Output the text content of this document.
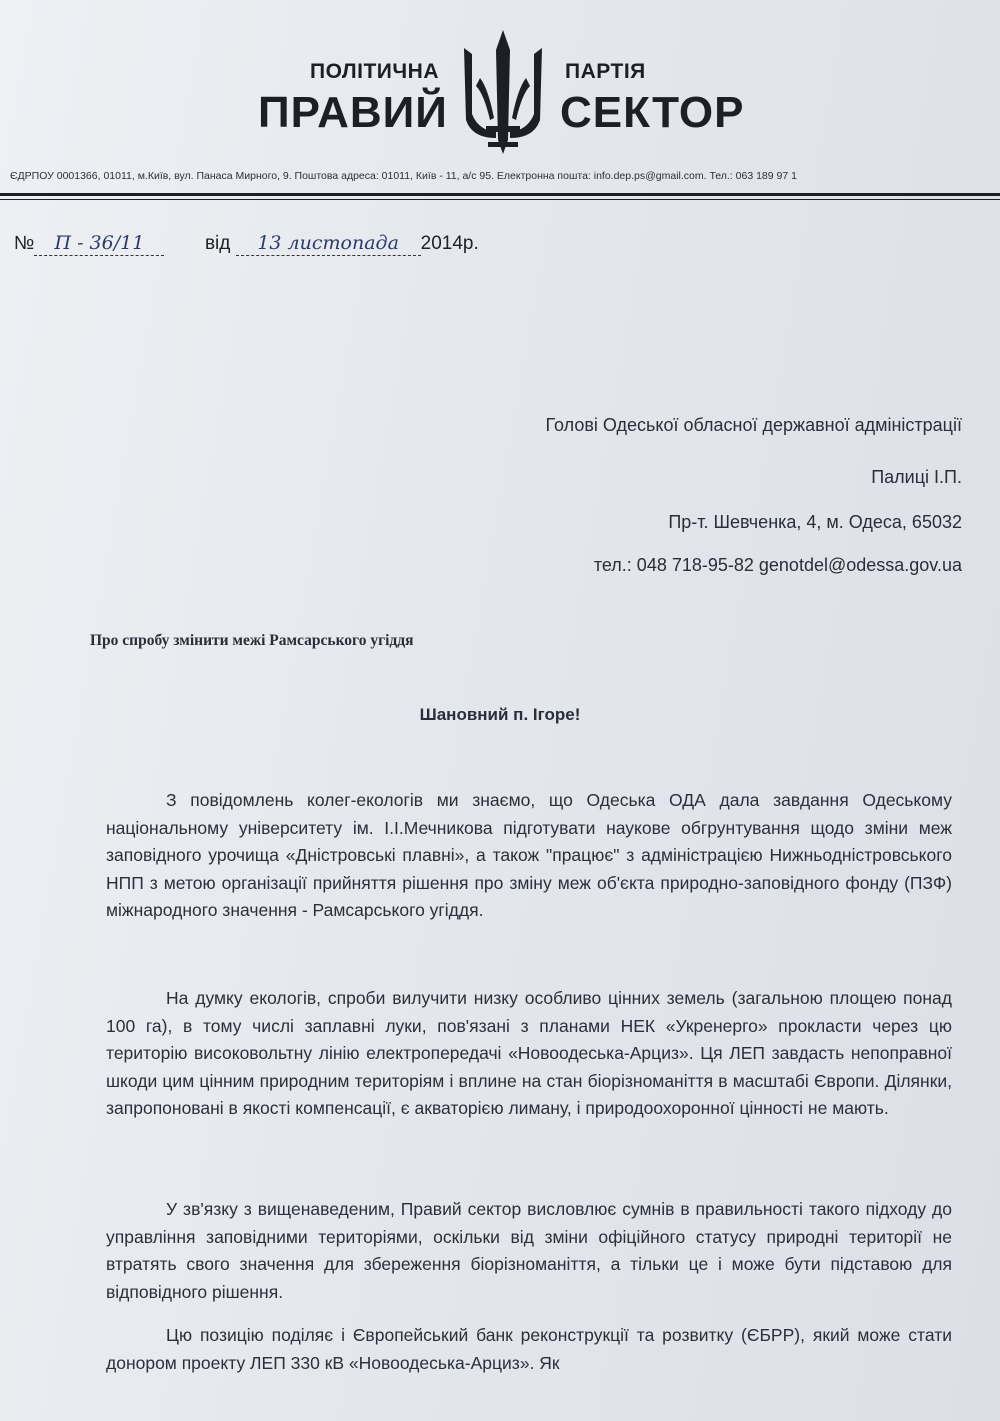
ПОЛІТИЧНА	ПАРТІЯ
ПРАВИЙ	СЕКТОР
ЄДРПОУ 0001366, 01011, м.Київ, вул. Панаса Мирного, 9. Поштова адреса: 01011, Київ - 11, а/с 95. Електронна пошта: info.dep.ps@gmail.com. Тел.: 063 189 97 1
№ П - 36/11	від 13 листопада 2014р.
Голові Одеської обласної державної адміністрації
Палиці І.П.
Пр-т. Шевченка, 4, м. Одеса, 65032
тел.: 048 718-95-82 genotdel@odessa.gov.ua
Про спробу змінити межі Рамсарського угіддя
Шановний п. Ігоре!

З повідомлень колег-екологів ми знаємо, що Одеська ОДА дала завдання Одеському національному університету ім. І.І.Мечникова підготувати наукове обгрунтування щодо зміни меж заповідного урочища «Дністровські плавні», а також "працює" з адміністрацією Нижньодністровського НПП з метою організації прийняття рішення про зміну меж об'єкта природно-заповідного фонду (ПЗФ) міжнародного значення - Рамсарського угіддя.

На думку екологів, спроби вилучити низку особливо цінних земель (загальною площею понад 100 га), в тому числі заплавні луки, пов'язані з планами НЕК «Укренерго» прокласти через цю територію високовольтну лінію електропередачі «Новоодеська-Арциз». Ця ЛЕП завдасть непоправної шкоди цим цінним природним територіям і вплине на стан біорізноманіття в масштабі Європи. Ділянки, запропоновані в якості компенсації, є акваторією лиману, і природоохоронної цінності не мають.

У зв'язку з вищенаведеним, Правий сектор висловлює сумнів в правильності такого підходу до управління заповідними територіями, оскільки від зміни офіційного статусу природні території не втратять свого значення для збереження біорізноманіття, а тільки це і може бути підставою для відповідного рішення.

Цю позицію поділяє і Європейський банк реконструкції та розвитку (ЄБРР), який може стати донором проекту ЛЕП 330 кВ «Новоодеська-Арциз». Як
